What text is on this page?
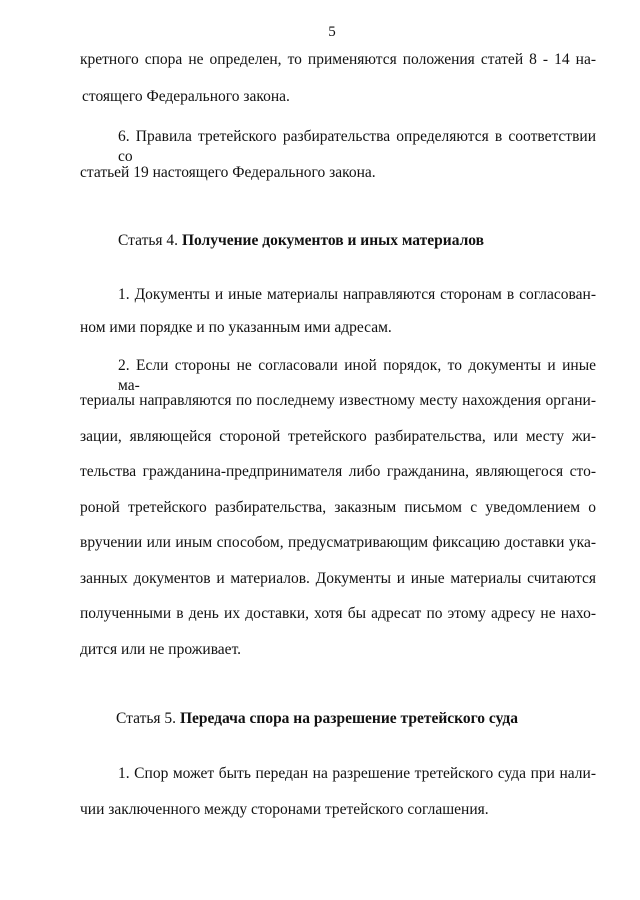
5
кретного спора не определен, то применяются положения статей 8 - 14 на-
стоящего Федерального закона.
6. Правила третейского разбирательства определяются в соответствии со
статьей 19 настоящего Федерального закона.
Статья 4. Получение документов и иных материалов
1. Документы и иные материалы направляются сторонам в согласован-
ном ими порядке и по указанным ими адресам.
2. Если стороны не согласовали иной порядок, то документы и иные ма-
териалы направляются по последнему известному месту нахождения органи-
зации, являющейся стороной третейского разбирательства, или месту жи-
тельства гражданина-предпринимателя либо гражданина, являющегося сто-
роной третейского разбирательства, заказным письмом с уведомлением о
вручении или иным способом, предусматривающим фиксацию доставки ука-
занных документов и материалов. Документы и иные материалы считаются
полученными в день их доставки, хотя бы адресат по этому адресу не нахо-
дится или не проживает.
Статья 5. Передача спора на разрешение третейского суда
1. Спор может быть передан на разрешение третейского суда при нали-
чии заключенного между сторонами третейского соглашения.
